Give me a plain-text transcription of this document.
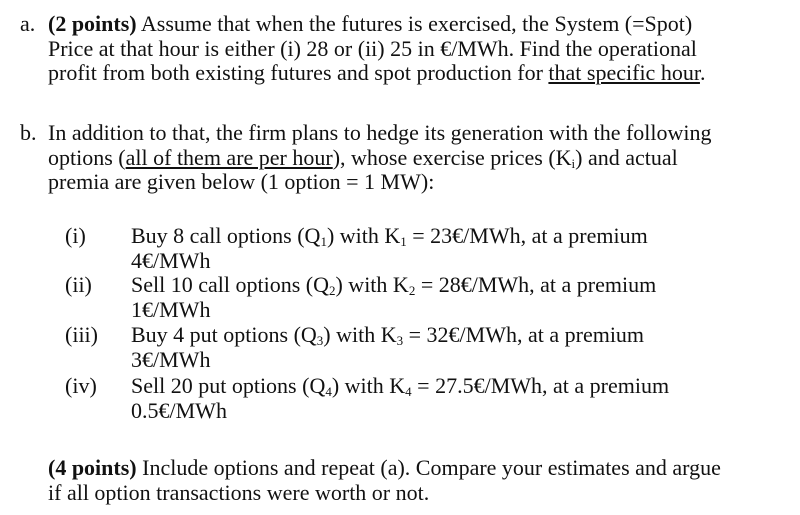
a. (2 points) Assume that when the futures is exercised, the System (=Spot)
Price at that hour is either (i) 28 or (ii) 25 in €/MWh. Find the operational
profit from both existing futures and spot production for that specific hour.
b. In addition to that, the firm plans to hedge its generation with the following
options (all of them are per hour), whose exercise prices $(K_i)$ and actual
premia are given below (1 option = 1 MW):
(i) Buy 8 call options $(Q_1)$ with $K_1$ = 23€/MWh, at a premium
4€/MWh
(ii) Sell 10 call options $(Q_2)$ with $K_2$ = 28€/MWh, at a premium
1€/MWh
(iii) Buy 4 put options $(Q_3)$ with $K_3$ = 32€/MWh, at a premium
3€/MWh
(iv) Sell 20 put options $(Q_4)$ with $K_4$ = 27.5€/MWh, at a premium
0.5€/MWh
(4 points) Include options and repeat (a). Compare your estimates and argue
if all option transactions were worth or not.
